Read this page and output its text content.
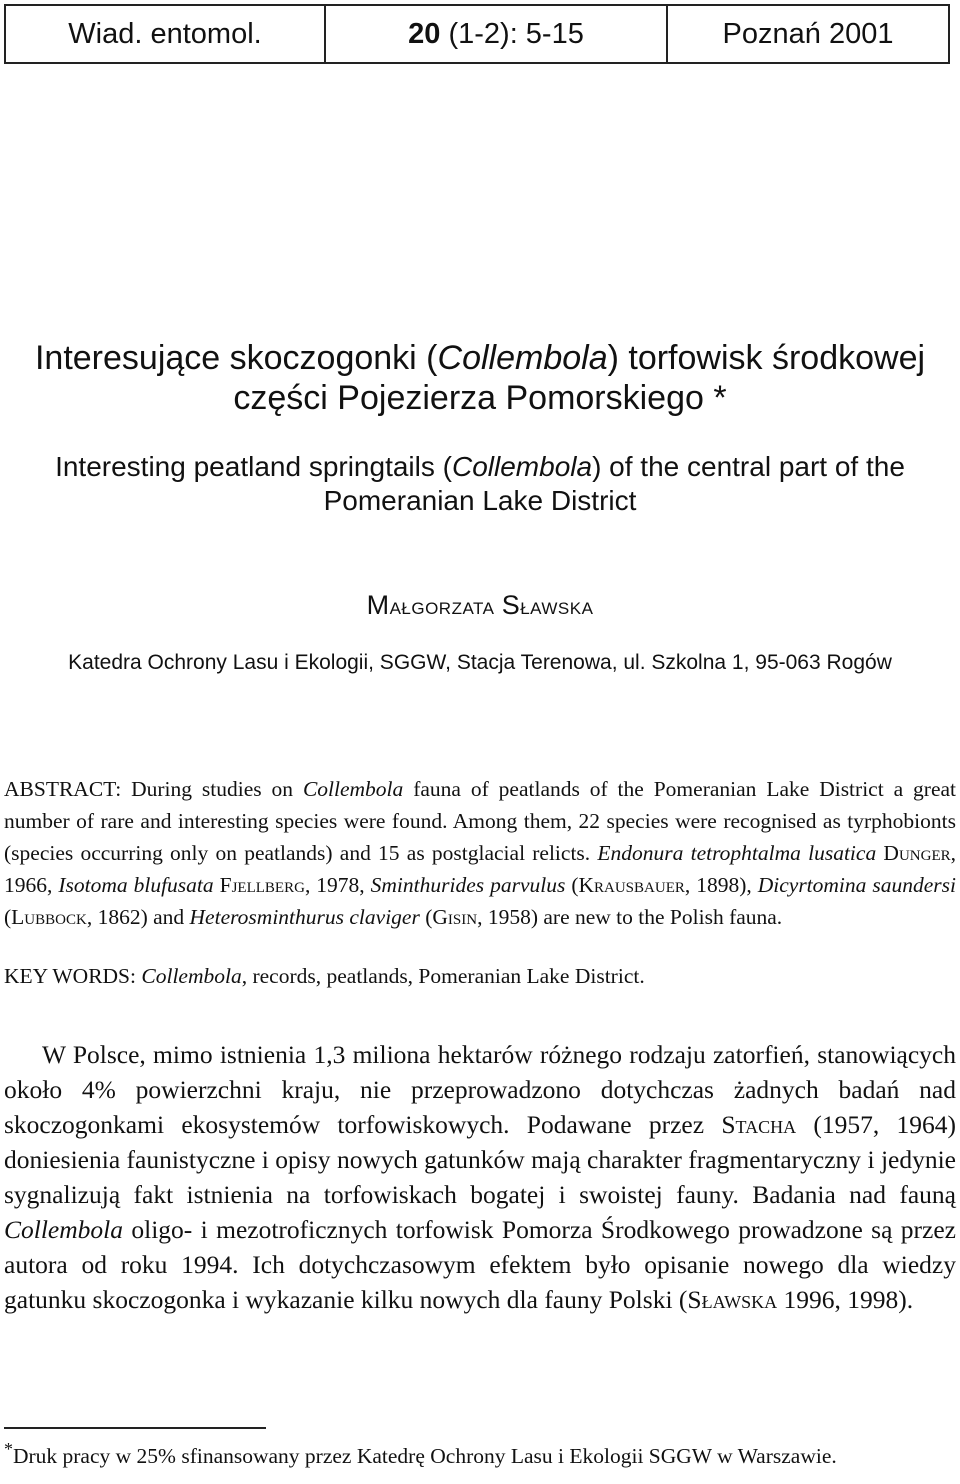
Wiad. entomol.	20 (1-2): 5-15	Poznań 2001
Interesujące skoczogonki (Collembola) torfowisk środkowej
części Pojezierza Pomorskiego *
Interesting peatland springtails (Collembola) of the central part of the
Pomeranian Lake District
Małgorzata Sławska
Katedra Ochrony Lasu i Ekologii, SGGW, Stacja Terenowa, ul. Szkolna 1, 95-063 Rogów

ABSTRACT: During studies on Collembola fauna of peatlands of the Pomeranian Lake District a great number of rare and interesting species were found. Among them, 22 species were recognised as tyrphobionts (species occurring only on peatlands) and 15 as postglacial relicts. Endonura tetrophtalma lusatica Dunger, 1966, Isotoma blufusata Fjellberg, 1978, Sminthurides parvulus (Krausbauer, 1898), Dicyrtomina saundersi (Lubbock, 1862) and Heterosminthurus claviger (Gisin, 1958) are new to the Polish fauna.

KEY WORDS: Collembola, records, peatlands, Pomeranian Lake District.

W Polsce, mimo istnienia 1,3 miliona hektarów różnego rodzaju zatorfień, stanowiących około 4% powierzchni kraju, nie przeprowadzono dotychczas żadnych badań nad skoczogonkami ekosystemów torfowiskowych. Podawane przez Stacha (1957, 1964) doniesienia faunistyczne i opisy nowych gatunków mają charakter fragmentaryczny i jedynie sygnalizują fakt istnienia na torfowiskach bogatej i swoistej fauny. Badania nad fauną Collembola oligo- i mezotroficznych torfowisk Pomorza Środkowego prowadzone są przez autora od roku 1994. Ich dotychczasowym efektem było opisanie nowego dla wiedzy gatunku skoczogonka i wykazanie kilku nowych dla fauny Polski (Sławska 1996, 1998).

*Druk pracy w 25% sfinansowany przez Katedrę Ochrony Lasu i Ekologii SGGW w Warszawie.
